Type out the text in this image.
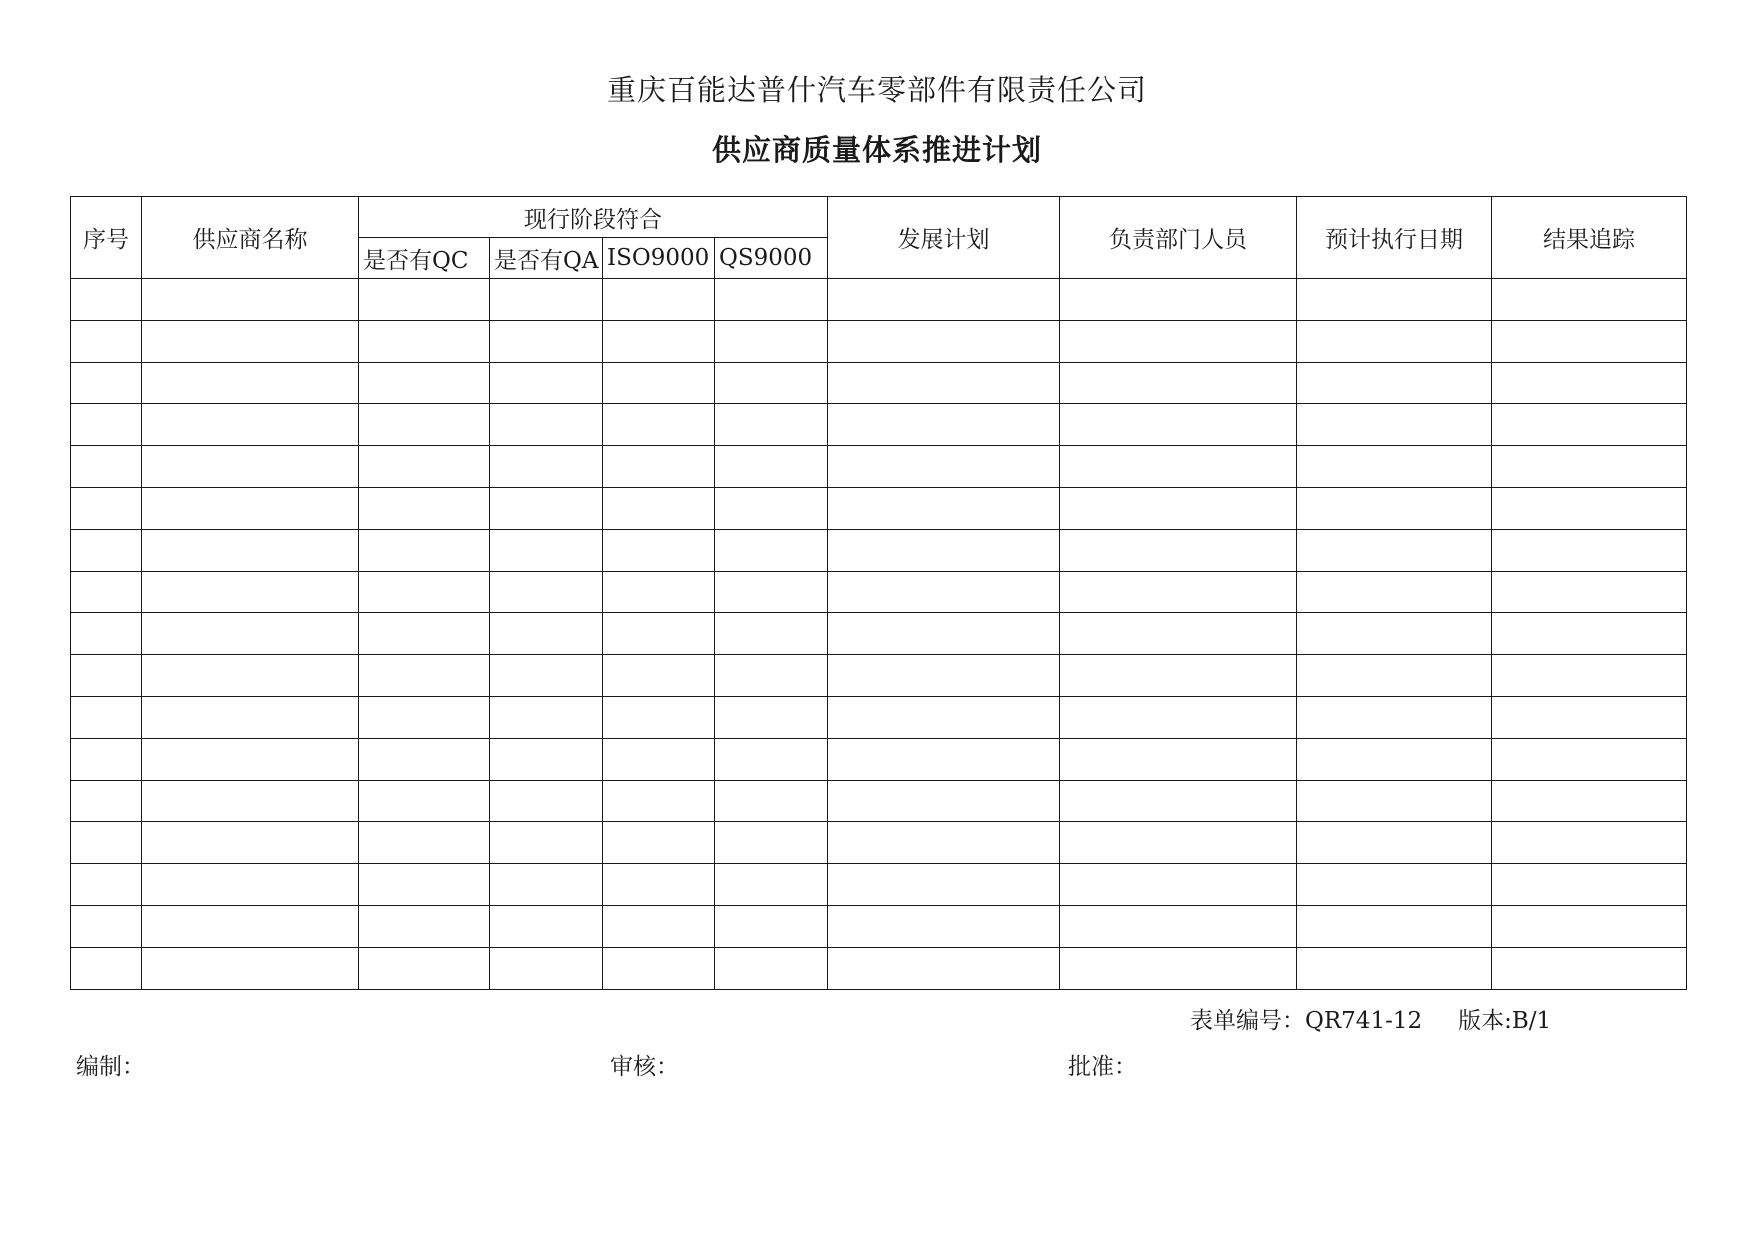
重庆百能达普什汽车零部件有限责任公司
供应商质量体系推进计划
序号	供应商名称	现行阶段符合				发展计划	负责部门人员	预计执行日期	结果追踪
		是否有QC	是否有QA	ISO9000	QS9000				

表单编号：QR741-12 版本:B/1
编制：	审核：	批准：
